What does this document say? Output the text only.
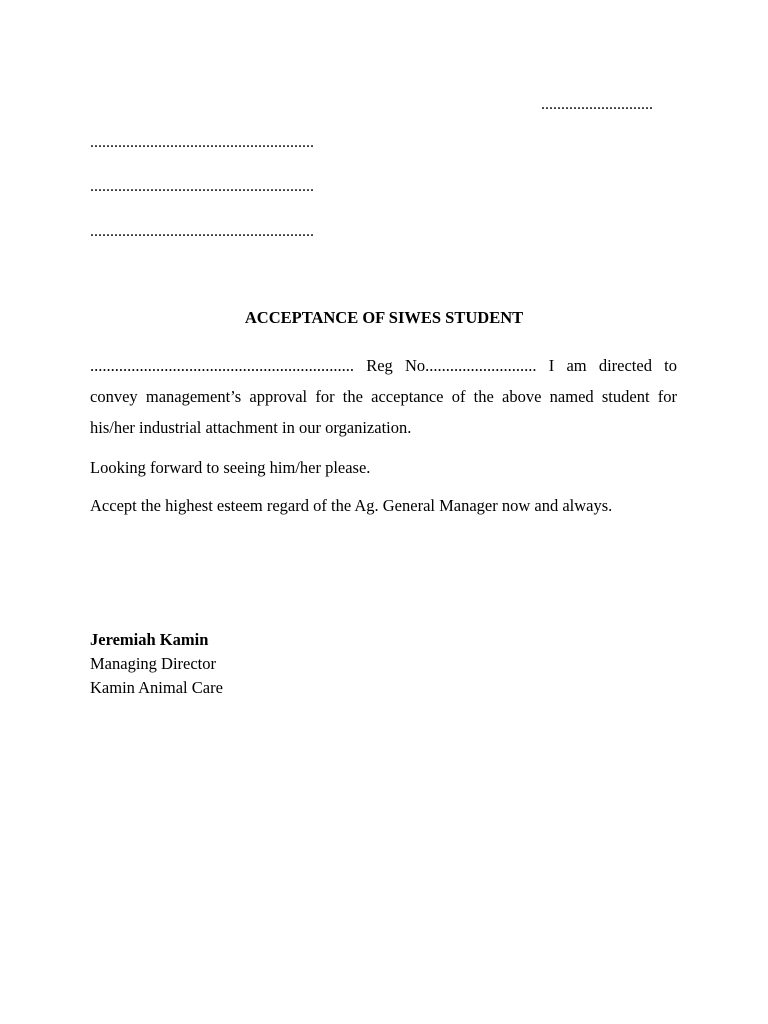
............................
........................................................
........................................................
........................................................
ACCEPTANCE OF SIWES STUDENT
................................................................ Reg No........................... I am directed to
convey management’s approval for the acceptance of the above named student for
his/her industrial attachment in our organization.
Looking forward to seeing him/her please.
Accept the highest esteem regard of the Ag. General Manager now and always.
Jeremiah Kamin
Managing Director
Kamin Animal Care
